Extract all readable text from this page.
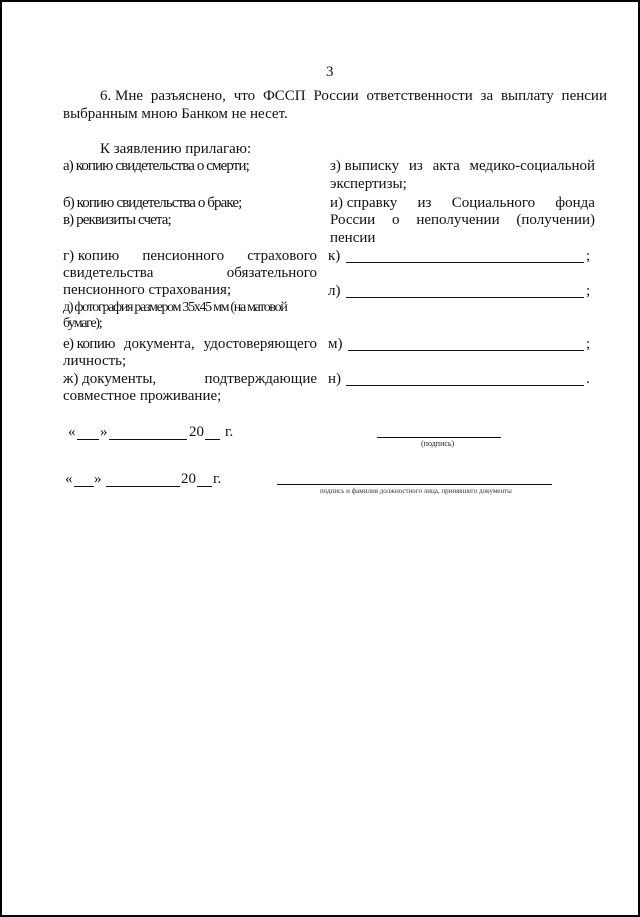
3
6. Мне разъяснено, что ФССП России ответственности за выплату пенсии
выбранным мною Банком не несет.
К заявлению прилагаю:
а) копию свидетельства о смерти;
б) копию свидетельства о браке;
в) реквизиты счета;
г) копию пенсионного страхового
свидетельства	обязательного
пенсионного страхования;
д) фотография размером 35х45 мм (на матовой
бумаге);
е) копию документа, удостоверяющего
личность;
ж) документы,	подтверждающие
совместное проживание;
з) выписку из акта медико-социальной
экспертизы;
и) справку из Социального фонда
России о неполучении (получении)
пенсии
к)	;
л)	;
м)	;
н)	.
« »	20 г.
(подпись)
« »	20 г.
подпись и фамилия должностного лица, принявшего документы
